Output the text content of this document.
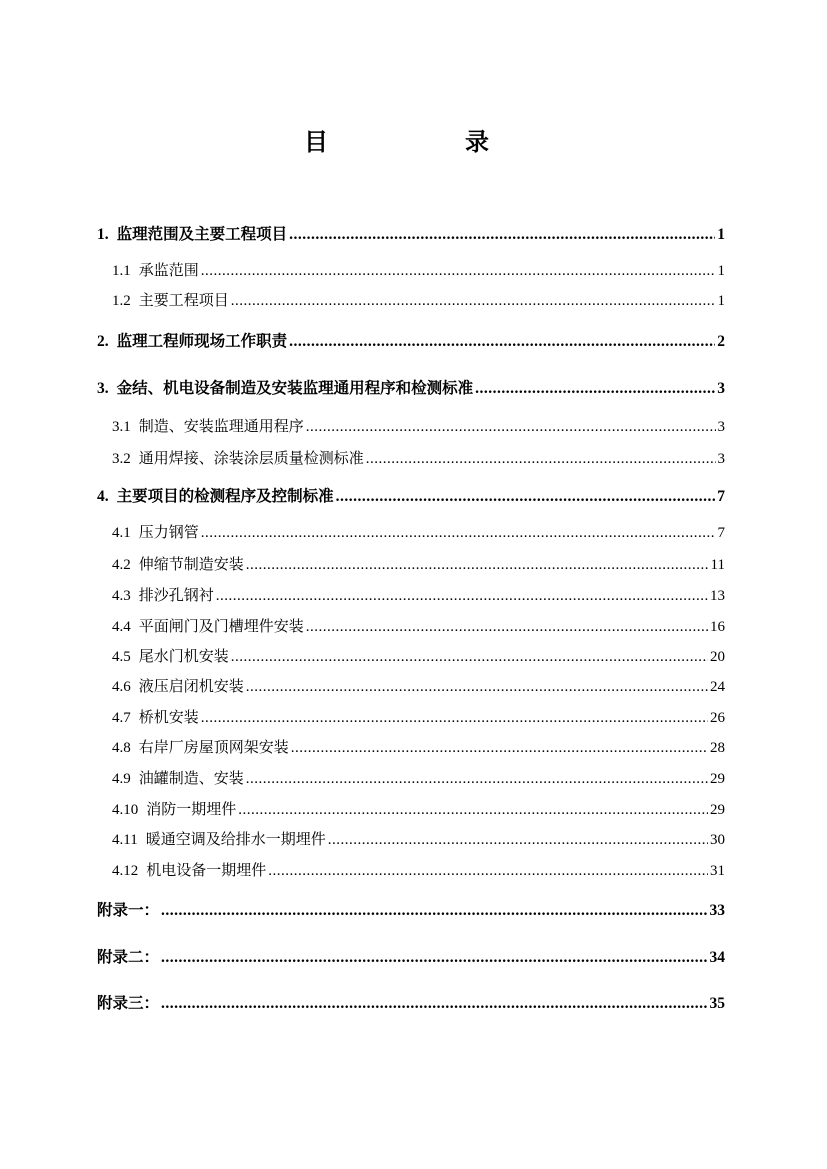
目	录
1. 监理范围及主要工程项目 .....	1
1.1 承监范围 .....	1
1.2 主要工程项目 .....	1
2. 监理工程师现场工作职责 .....	2
3. 金结、机电设备制造及安装监理通用程序和检测标准 .....	3
3.1 制造、安装监理通用程序 .....	3
3.2 通用焊接、涂装涂层质量检测标准 .....	3
4. 主要项目的检测程序及控制标准 .....	7
4.1 压力钢管 .....	7
4.2 伸缩节制造安装 .....	11
4.3 排沙孔钢衬 .....	13
4.4 平面闸门及门槽埋件安装 .....	16
4.5 尾水门机安装 .....	20
4.6 液压启闭机安装 .....	24
4.7 桥机安装 .....	26
4.8 右岸厂房屋顶网架安装 .....	28
4.9 油罐制造、安装 .....	29
4.10 消防一期埋件 .....	29
4.11 暖通空调及给排水一期埋件 .....	30
4.12 机电设备一期埋件 .....	31
附录一： .....	33
附录二： .....	34
附录三： .....	35
